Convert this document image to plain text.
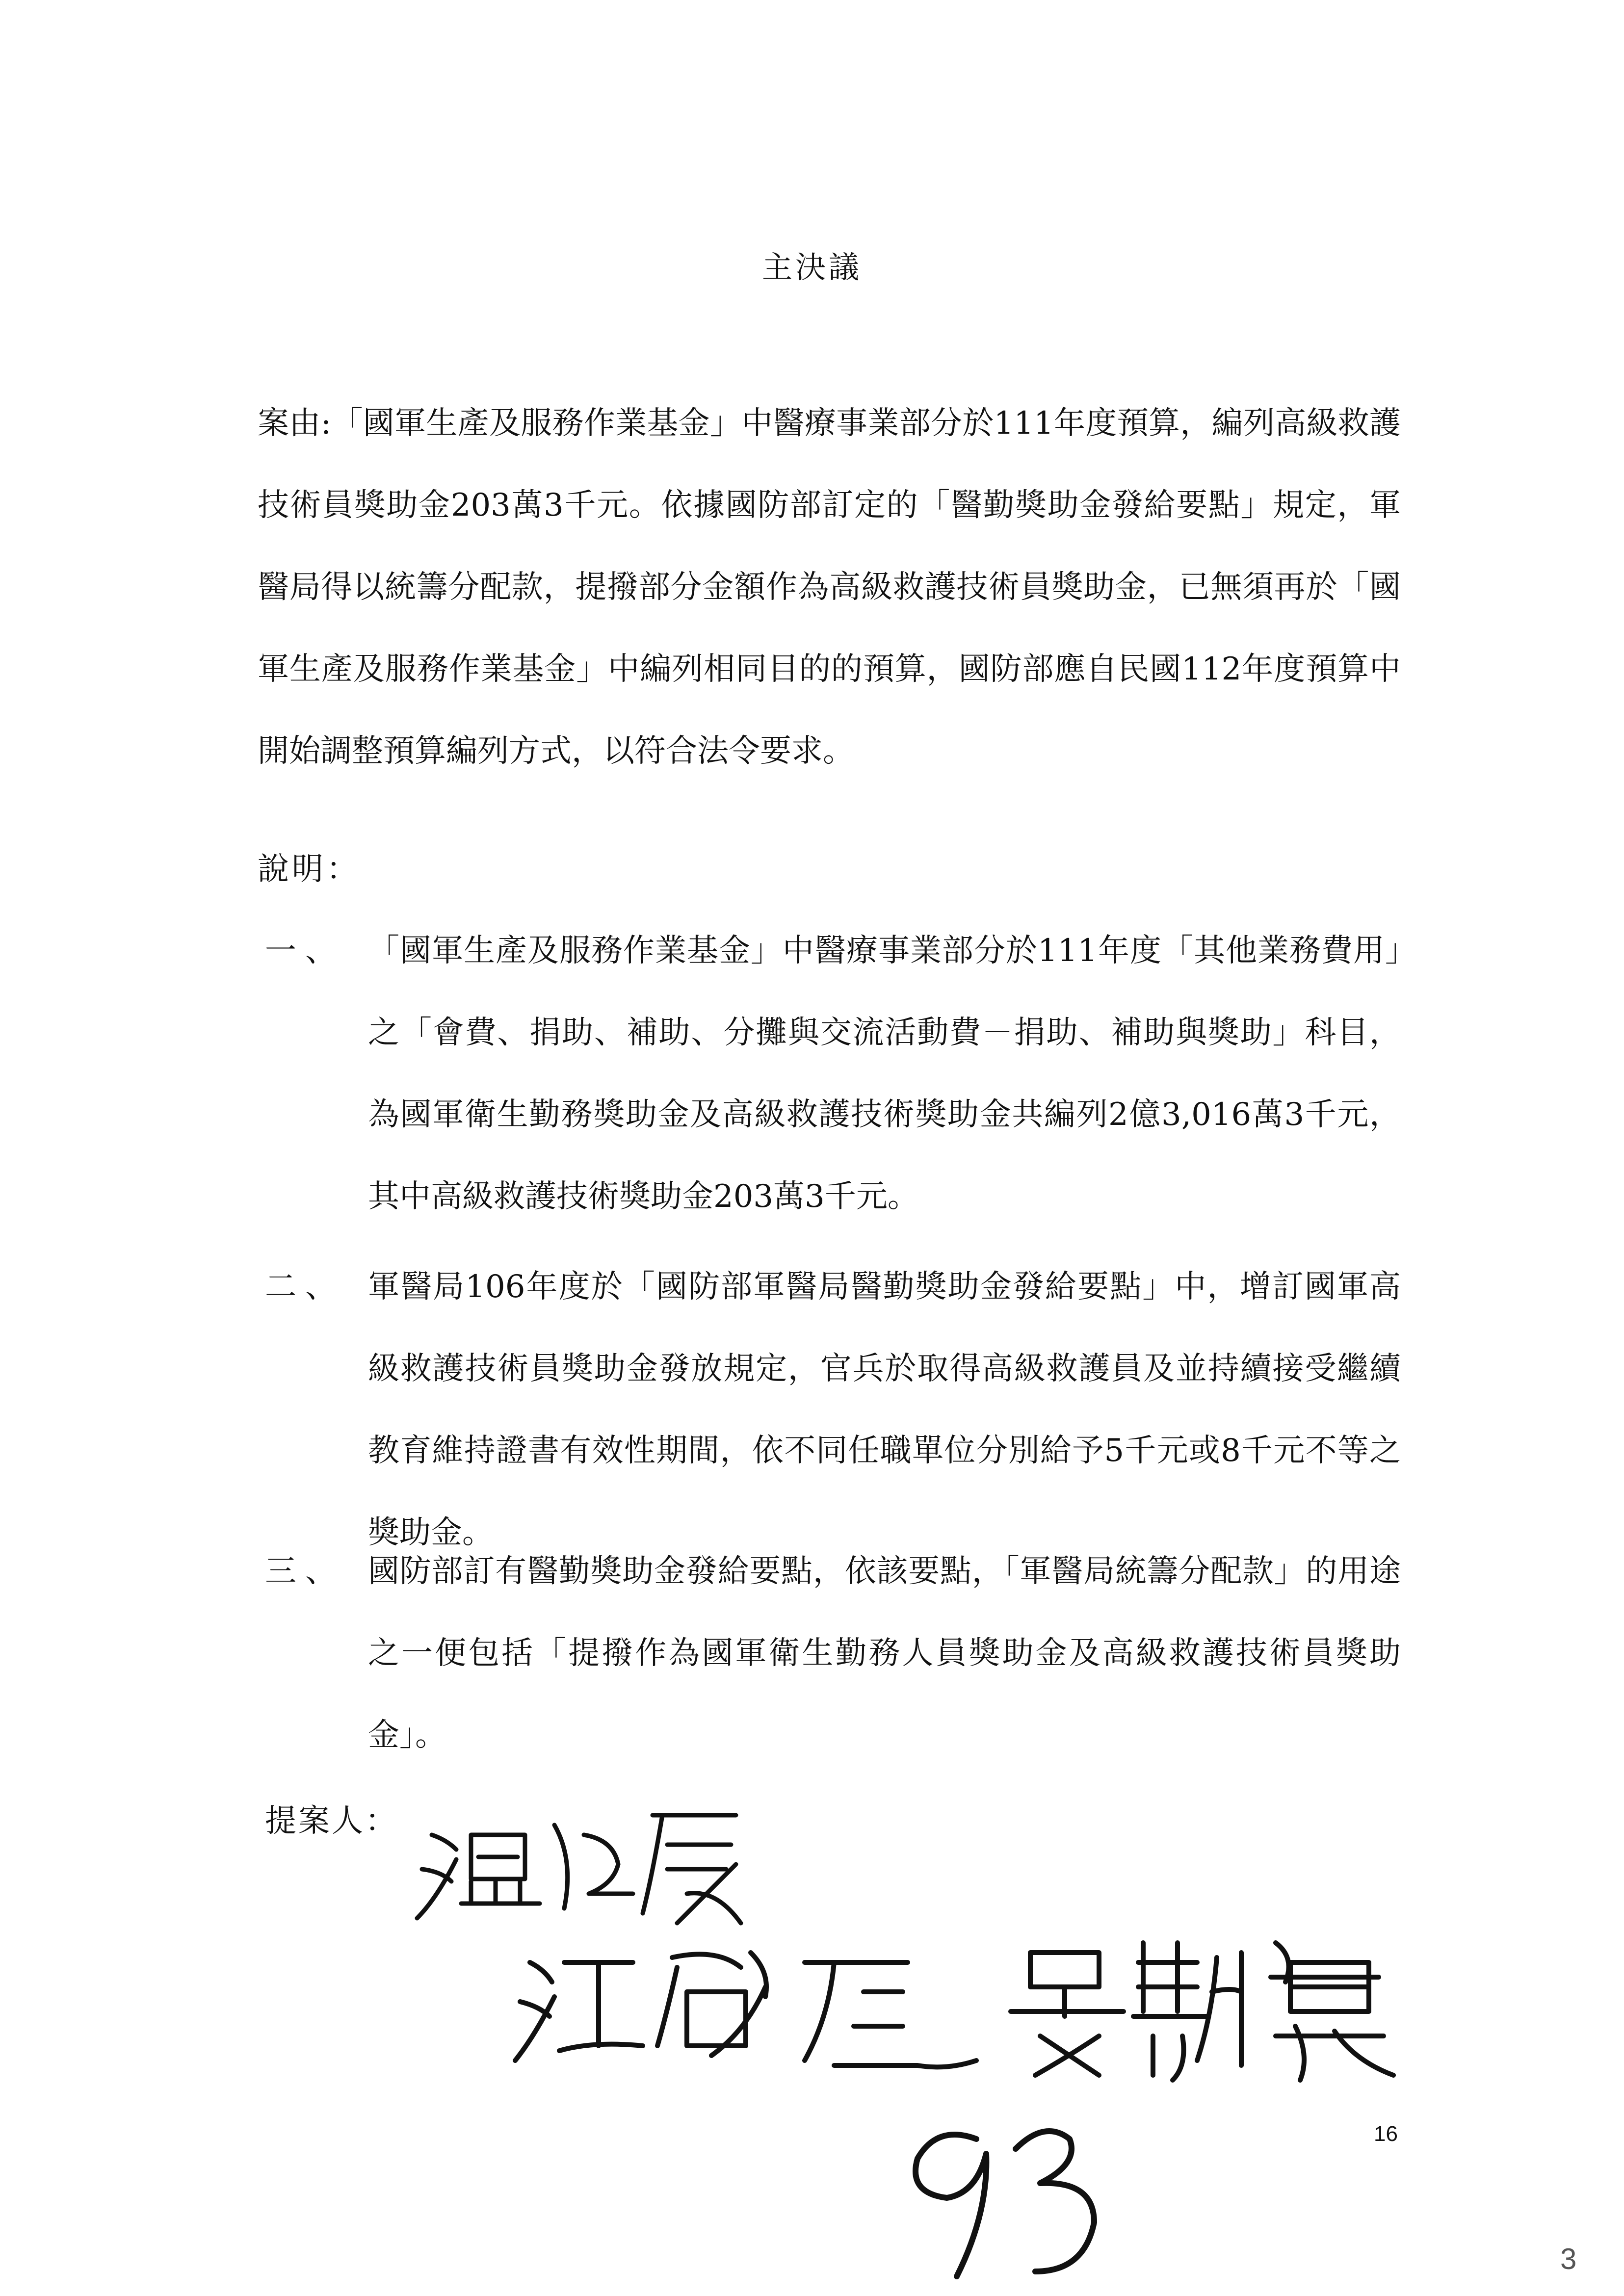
主決議
案由:「國軍生產及服務作業基金」中醫療事業部分於111年度預算，編列高級救護技術員獎助金203萬3千元。依據國防部訂定的「醫勤獎助金發給要點」規定，軍醫局得以統籌分配款，提撥部分金額作為高級救護技術員獎助金，已無須再於「國軍生產及服務作業基金」中編列相同目的的預算，國防部應自民國112年度預算中開始調整預算編列方式，以符合法令要求。
說明：
一、 「國軍生產及服務作業基金」中醫療事業部分於111年度「其他業務費用」之「會費、捐助、補助、分攤與交流活動費－捐助、補助與獎助」科目，為國軍衛生勤務獎助金及高級救護技術獎助金共編列2億3,016萬3千元，其中高級救護技術獎助金203萬3千元。
二、 軍醫局106年度於「國防部軍醫局醫勤獎助金發給要點」中，增訂國軍高級救護技術員獎助金發放規定，官兵於取得高級救護員及並持續接受繼續教育維持證書有效性期間，依不同任職單位分別給予5千元或8千元不等之獎助金。
三、 國防部訂有醫勤獎助金發給要點，依該要點，「軍醫局統籌分配款」的用途之一便包括「提撥作為國軍衛生勤務人員獎助金及高級救護技術員獎助金」。
提案人：
16
3
